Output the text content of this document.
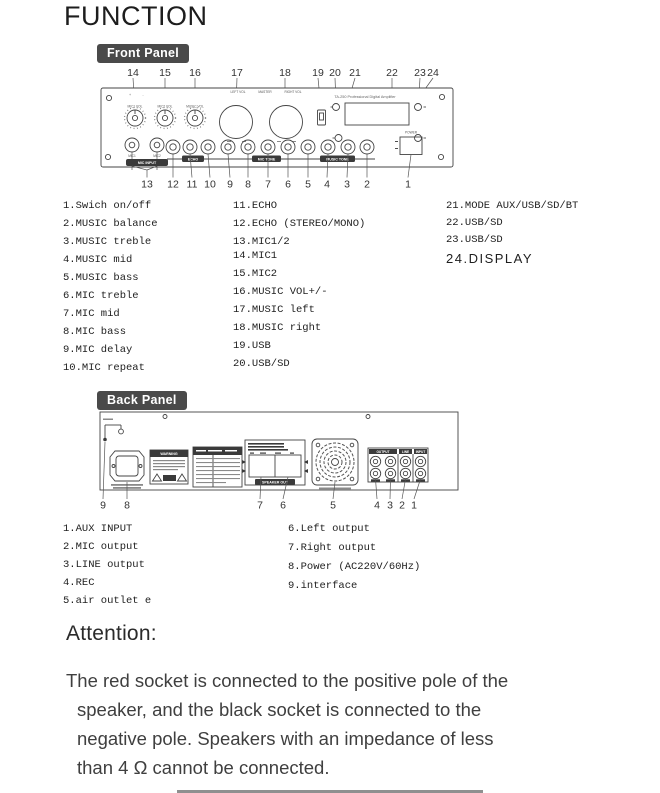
FUNCTION
Front Panel
14 15 16	17	18 19 20 21 22 23 24
+	-
MIC1 VOL	MIC2 VOL	MUSIC VOL
LEFT VOL	MASTER	RIGHT VOL
TA-250 Professional Digital Amplifier
POWER
MIC1	MIC2
MIC INPUT
ECHO	MIC TONE	MUSIC TONE
13 12 11 10 9 8 7 6 5 4 3 2	1
1.Swich on/off
2.MUSIC balance
3.MUSIC treble
4.MUSIC mid
5.MUSIC bass
6.MIC treble
7.MIC mid
8.MIC bass
9.MIC delay
10.MIC repeat
11.ECHO
12.ECHO (STEREO/MONO)
13.MIC1/2
14.MIC1
15.MIC2
16.MUSIC VOL+/-
17.MUSIC left
18.MUSIC right
19.USB
20.USB/SD
21.MODE AUX/USB/SD/BT
22.USB/SD
23.USB/SD
24.DISPLAY
Back Panel
WARNING
SPEAKER OUT
OUTPUT	LINE INPUT
9 8	7 6	5	4 3 2 1
1.AUX INPUT
2.MIC output
3.LINE output
4.REC
5.air outlet e
6.Left output
7.Right output
8.Power (AC220V/60Hz)
9.interface
Attention:
The red socket is connected to the positive pole of the
speaker, and the black socket is connected to the
negative pole. Speakers with an impedance of less
than 4 Ω cannot be connected.
